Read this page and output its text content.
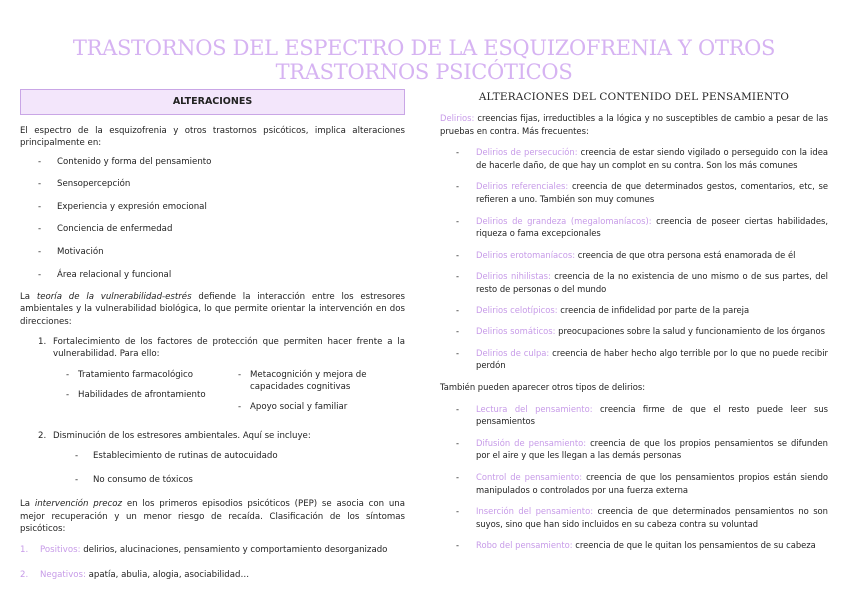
TRASTORNOS DEL ESPECTRO DE LA ESQUIZOFRENIA Y OTROS TRASTORNOS PSICÓTICOS
ALTERACIONES

El espectro de la esquizofrenia y otros trastornos psicóticos, implica alteraciones principalmente en:

- Contenido y forma del pensamiento
- Sensopercepción
- Experiencia y expresión emocional
- Conciencia de enfermedad
- Motivación
- Área relacional y funcional

La teoría de la vulnerabilidad-estrés defiende la interacción entre los estresores ambientales y la vulnerabilidad biológica, lo que permite orientar la intervención en dos direcciones:

1. Fortalecimiento de los factores de protección que permiten hacer frente a la vulnerabilidad. Para ello:
- Tratamiento farmacológico
- Habilidades de afrontamiento
- Metacognición y mejora de capacidades cognitivas
- Apoyo social y familiar
2. Disminución de los estresores ambientales. Aquí se incluye:
- Establecimiento de rutinas de autocuidado
- No consumo de tóxicos

La intervención precoz en los primeros episodios psicóticos (PEP) se asocia con una mejor recuperación y un menor riesgo de recaída. Clasificación de los síntomas psicóticos:

1. Positivos: delirios, alucinaciones, pensamiento y comportamiento desorganizado
2. Negativos: apatía, abulia, alogia, asociabilidad…
ALTERACIONES DEL CONTENIDO DEL PENSAMIENTO

Delirios: creencias fijas, irreductibles a la lógica y no susceptibles de cambio a pesar de las pruebas en contra. Más frecuentes:

- Delirios de persecución: creencia de estar siendo vigilado o perseguido con la idea de hacerle daño, de que hay un complot en su contra. Son los más comunes
- Delirios referenciales: creencia de que determinados gestos, comentarios, etc, se refieren a uno. También son muy comunes
- Delirios de grandeza (megalomaníacos): creencia de poseer ciertas habilidades, riqueza o fama excepcionales
- Delirios erotomaníacos: creencia de que otra persona está enamorada de él
- Delirios nihilistas: creencia de la no existencia de uno mismo o de sus partes, del resto de personas o del mundo
- Delirios celotípicos: creencia de infidelidad por parte de la pareja
- Delirios somáticos: preocupaciones sobre la salud y funcionamiento de los órganos
- Delirios de culpa: creencia de haber hecho algo terrible por lo que no puede recibir perdón

También pueden aparecer otros tipos de delirios:

- Lectura del pensamiento: creencia firme de que el resto puede leer sus pensamientos
- Difusión de pensamiento: creencia de que los propios pensamientos se difunden por el aire y que les llegan a las demás personas
- Control de pensamiento: creencia de que los pensamientos propios están siendo manipulados o controlados por una fuerza externa
- Inserción del pensamiento: creencia de que determinados pensamientos no son suyos, sino que han sido incluidos en su cabeza contra su voluntad
- Robo del pensamiento: creencia de que le quitan los pensamientos de su cabeza
